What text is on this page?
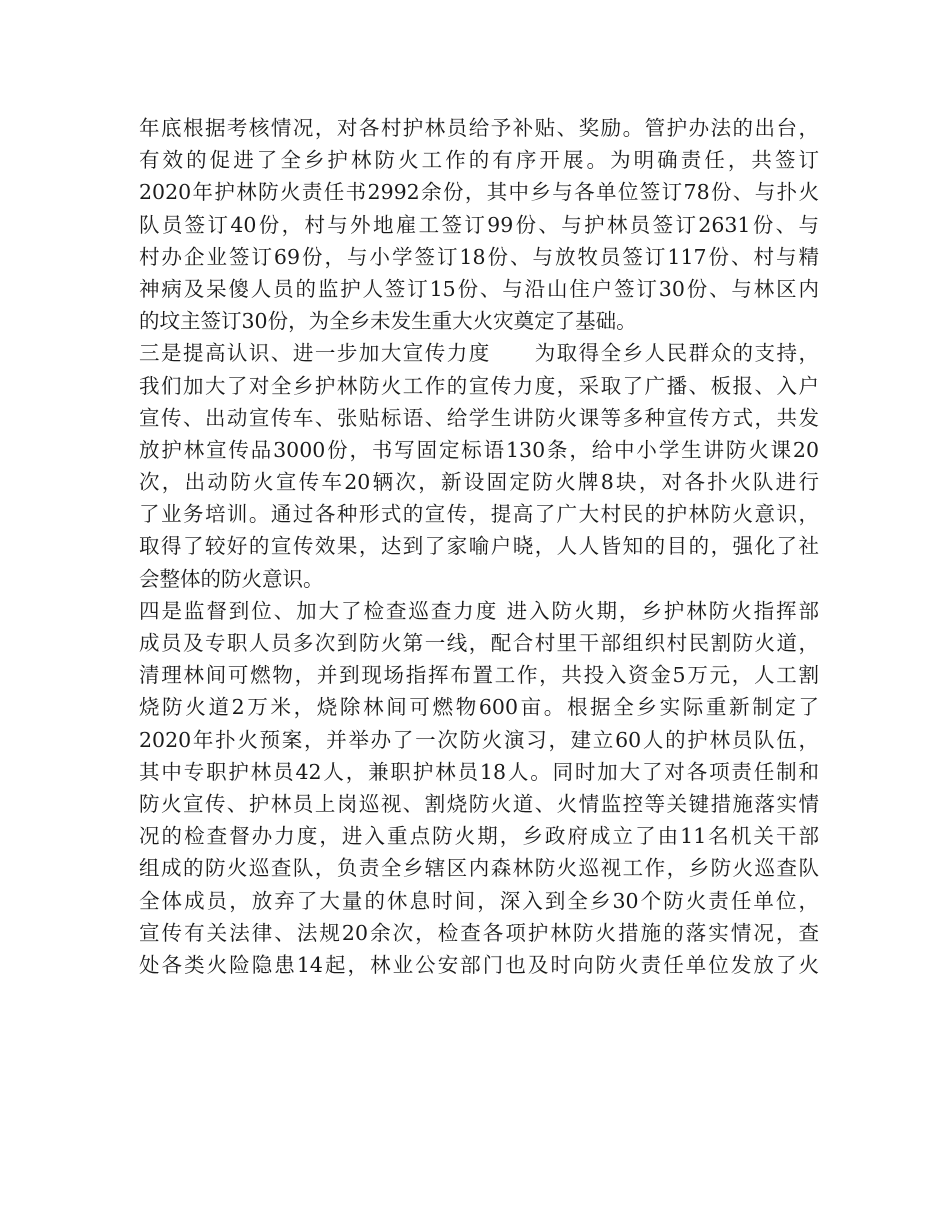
年底根据考核情况，对各村护林员给予补贴、奖励。管护办法的出台，
有效的促进了全乡护林防火工作的有序开展。为明确责任，共签订
2020年护林防火责任书2992余份，其中乡与各单位签订78份、与扑火
队员签订40份，村与外地雇工签订99份、与护林员签订2631份、与
村办企业签订69份，与小学签订18份、与放牧员签订117份、村与精
神病及呆傻人员的监护人签订15份、与沿山住户签订30份、与林区内
的坟主签订30份，为全乡未发生重大火灾奠定了基础。
三是提高认识、进一步加大宣传力度　　为取得全乡人民群众的支持，
我们加大了对全乡护林防火工作的宣传力度，采取了广播、板报、入户
宣传、出动宣传车、张贴标语、给学生讲防火课等多种宣传方式，共发
放护林宣传品3000份，书写固定标语130条，给中小学生讲防火课20
次，出动防火宣传车20辆次，新设固定防火牌8块，对各扑火队进行
了业务培训。通过各种形式的宣传，提高了广大村民的护林防火意识，
取得了较好的宣传效果，达到了家喻户晓，人人皆知的目的，强化了社
会整体的防火意识。
四是监督到位、加大了检查巡查力度 进入防火期，乡护林防火指挥部
成员及专职人员多次到防火第一线，配合村里干部组织村民割防火道，
清理林间可燃物，并到现场指挥布置工作，共投入资金5万元，人工割
烧防火道2万米，烧除林间可燃物600亩。根据全乡实际重新制定了
2020年扑火预案，并举办了一次防火演习，建立60人的护林员队伍，
其中专职护林员42人，兼职护林员18人。同时加大了对各项责任制和
防火宣传、护林员上岗巡视、割烧防火道、火情监控等关键措施落实情
况的检查督办力度，进入重点防火期，乡政府成立了由11名机关干部
组成的防火巡查队，负责全乡辖区内森林防火巡视工作，乡防火巡查队
全体成员，放弃了大量的休息时间，深入到全乡30个防火责任单位，
宣传有关法律、法规20余次，检查各项护林防火措施的落实情况，查
处各类火险隐患14起，林业公安部门也及时向防火责任单位发放了火
